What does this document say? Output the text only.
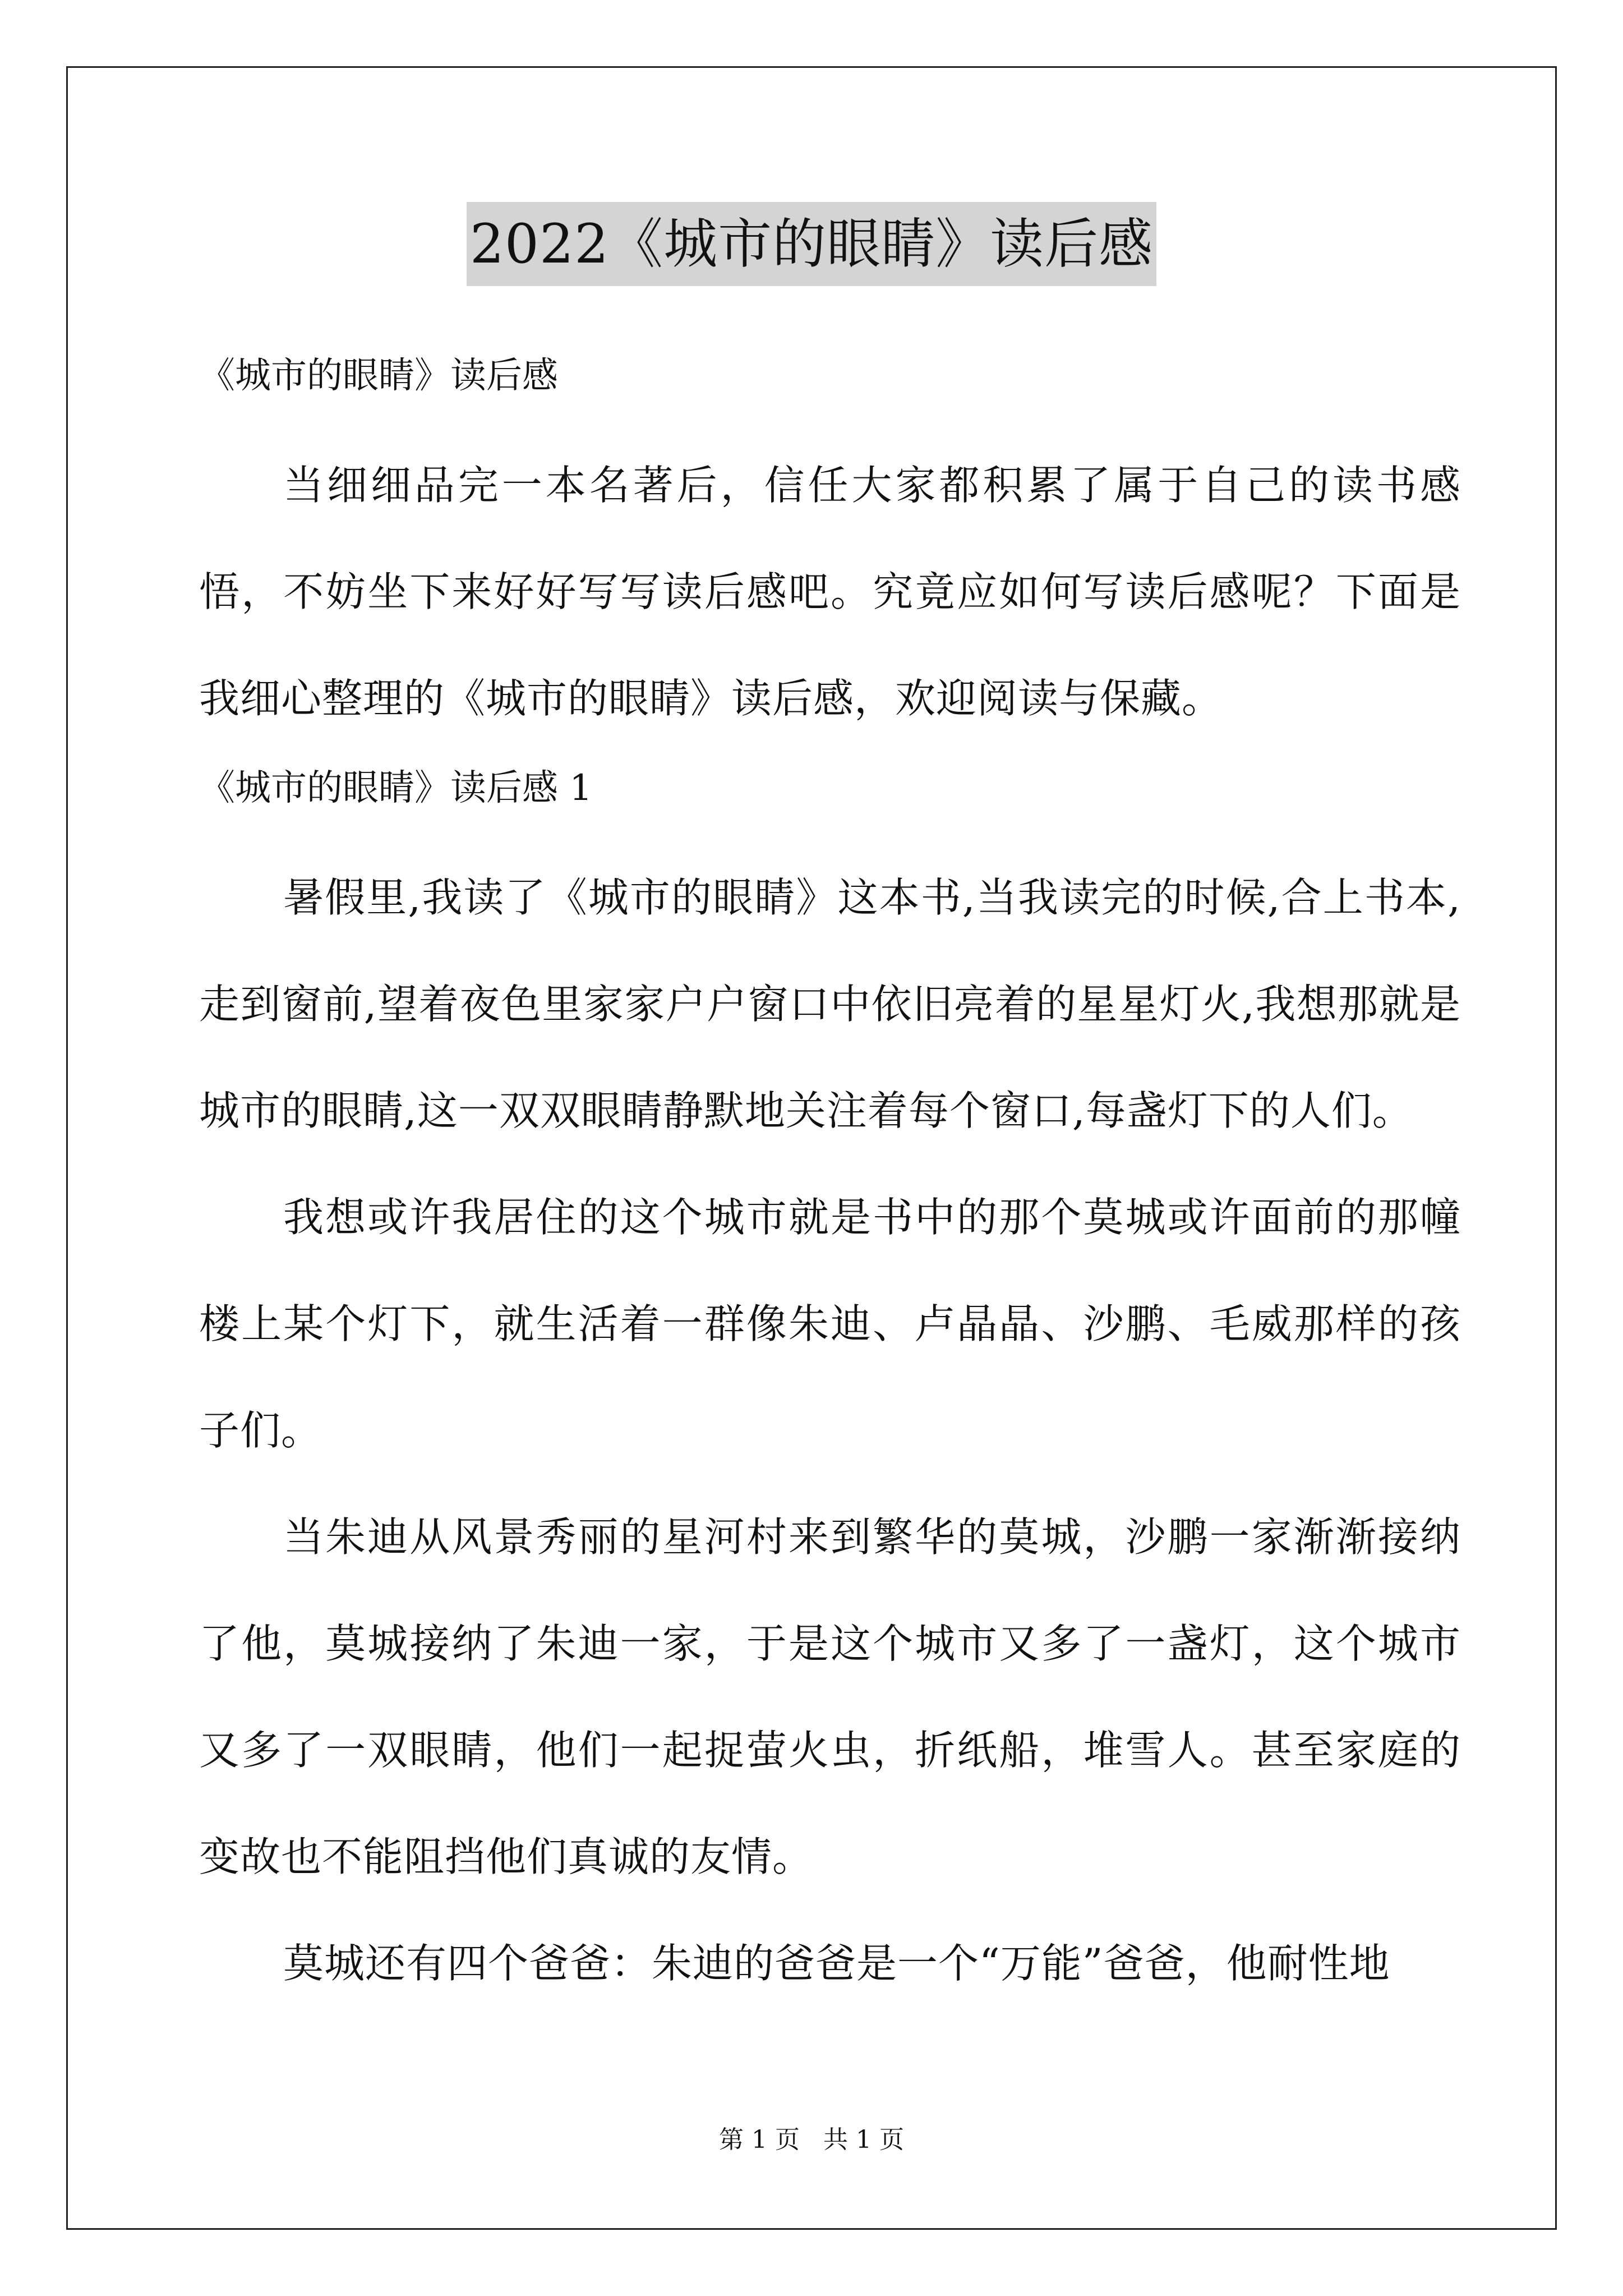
2022《城市的眼睛》读后感

《城市的眼睛》读后感

当细细品完一本名著后，信任大家都积累了属于自己的读书感悟，不妨坐下来好好写写读后感吧。究竟应如何写读后感呢？下面是我细心整理的《城市的眼睛》读后感，欢迎阅读与保藏。

《城市的眼睛》读后感 1

暑假里,我读了《城市的眼睛》这本书,当我读完的时候,合上书本,走到窗前,望着夜色里家家户户窗口中依旧亮着的星星灯火,我想那就是城市的眼睛,这一双双眼睛静默地关注着每个窗口,每盏灯下的人们。

我想或许我居住的这个城市就是书中的那个莫城或许面前的那幢楼上某个灯下，就生活着一群像朱迪、卢晶晶、沙鹏、毛威那样的孩子们。

当朱迪从风景秀丽的星河村来到繁华的莫城，沙鹏一家渐渐接纳了他，莫城接纳了朱迪一家，于是这个城市又多了一盏灯，这个城市又多了一双眼睛，他们一起捉萤火虫，折纸船，堆雪人。甚至家庭的变故也不能阻挡他们真诚的友情。

莫城还有四个爸爸：朱迪的爸爸是一个“万能”爸爸，他耐性地

第 1 页   共 1 页
